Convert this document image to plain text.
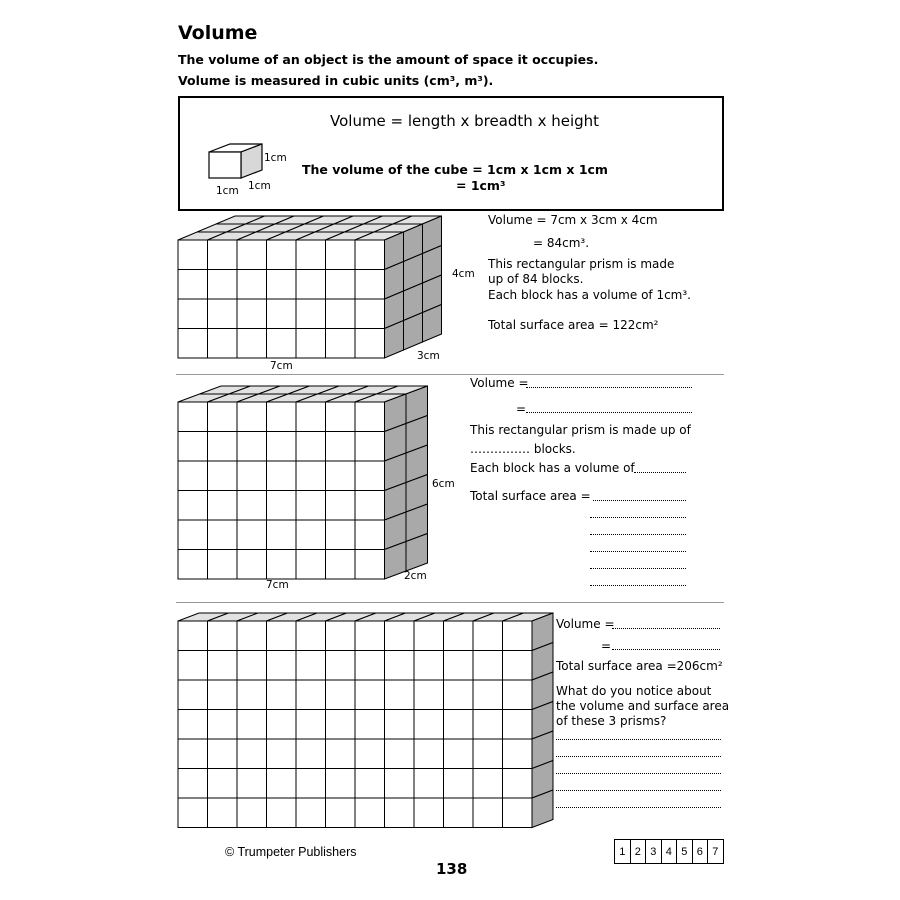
Volume
The volume of an object is the amount of space it occupies.
Volume is measured in cubic units (cm³, m³).
Volume = length x breadth x height
1cm
1cm 1cm
The volume of the cube = 1cm x 1cm x 1cm
= 1cm³
7cm
4cm
3cm
Volume = 7cm x 3cm x 4cm
= 84cm³.
This rectangular prism is made
up of 84 blocks.
Each block has a volume of 1cm³.
Total surface area = 122cm²
7cm
6cm
2cm
Volume =
=
This rectangular prism is made up of
…………… blocks.
Each block has a volume of
Total surface area =
Volume =
=
Total surface area =206cm²
What do you notice about
the volume and surface area
of these 3 prisms?
© Trumpeter Publishers
138
1 2 3 4 5 6 7
